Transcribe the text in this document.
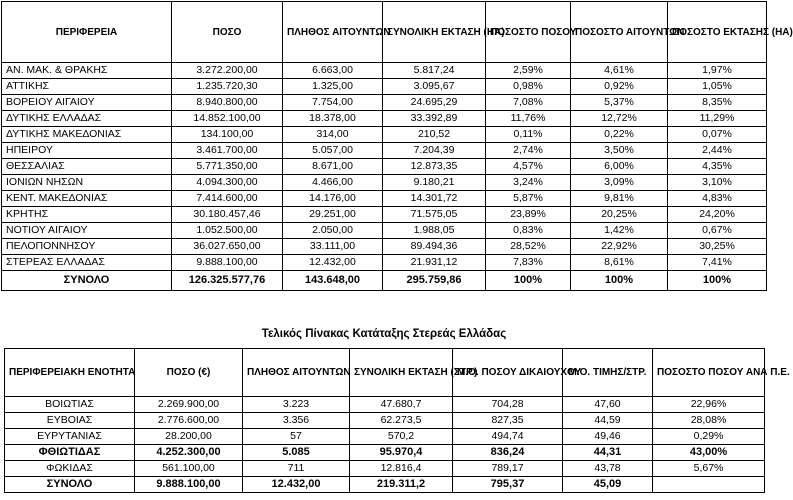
ΠΕΡΙΦΕΡΕΙΑ	ΠΟΣΟ	ΠΛΗΘΟΣ ΑΙΤΟΥΝΤΩΝ	ΣΥΝΟΛΙΚΗ ΕΚΤΑΣΗ (HA)	ΠΟΣΟΣΤΟ ΠΟΣΟΥ	ΠΟΣΟΣΤΟ ΑΙΤΟΥΝΤΩΝ	ΠΟΣΟΣΤΟ ΕΚΤΑΣΗΣ (HA)
ΑΝ. ΜΑΚ. & ΘΡΑΚΗΣ	3.272.200,00	6.663,00	5.817,24	2,59%	4,61%	1,97%
ΑΤΤΙΚΗΣ	1.235.720,30	1.325,00	3.095,67	0,98%	0,92%	1,05%
ΒΟΡΕΙΟΥ ΑΙΓΑΙΟΥ	8.940.800,00	7.754,00	24.695,29	7,08%	5,37%	8,35%
ΔΥΤΙΚΗΣ ΕΛΛΑΔΑΣ	14.852.100,00	18.378,00	33.392,89	11,76%	12,72%	11,29%
ΔΥΤΙΚΗΣ ΜΑΚΕΔΟΝΙΑΣ	134.100,00	314,00	210,52	0,11%	0,22%	0,07%
ΗΠΕΙΡΟΥ	3.461.700,00	5.057,00	7.204,39	2,74%	3,50%	2,44%
ΘΕΣΣΑΛΙΑΣ	5.771.350,00	8.671,00	12.873,35	4,57%	6,00%	4,35%
ΙΟΝΙΩΝ ΝΗΣΩΝ	4.094.300,00	4.466,00	9.180,21	3,24%	3,09%	3,10%
ΚΕΝΤ. ΜΑΚΕΔΟΝΙΑΣ	7.414.600,00	14.176,00	14.301,72	5,87%	9,81%	4,83%
ΚΡΗΤΗΣ	30.180.457,46	29.251,00	71.575,05	23,89%	20,25%	24,20%
ΝΟΤΙΟΥ ΑΙΓΑΙΟΥ	1.052.500,00	2.050,00	1.988,05	0,83%	1,42%	0,67%
ΠΕΛΟΠΟΝΝΗΣΟΥ	36.027.650,00	33.111,00	89.494,36	28,52%	22,92%	30,25%
ΣΤΕΡΕΑΣ ΕΛΛΑΔΑΣ	9.888.100,00	12.432,00	21.931,12	7,83%	8,61%	7,41%
ΣΥΝΟΛΟ	126.325.577,76	143.648,00	295.759,86	100%	100%	100%
Τελικός Πίνακας Κατάταξης Στερεάς Ελλάδας
ΠΕΡΙΦΕΡΕΙΑΚΗ ΕΝΟΤΗΤΑ	ΠΟΣΟ (€)	ΠΛΗΘΟΣ ΑΙΤΟΥΝΤΩΝ	ΣΥΝΟΛΙΚΗ ΕΚΤΑΣΗ (ΣΤΡ.)	Μ.Ο. ΠΟΣΟΥ ΔΙΚΑΙΟΥΧΟΥ	Μ.Ο. ΤΙΜΗΣ/ΣΤΡ.	ΠΟΣΟΣΤΟ ΠΟΣΟΥ ΑΝΑ Π.Ε.
ΒΟΙΩΤΙΑΣ	2.269.900,00	3.223	47.680,7	704,28	47,60	22,96%
ΕΥΒΟΙΑΣ	2.776.600,00	3.356	62.273,5	827,35	44,59	28,08%
ΕΥΡΥΤΑΝΙΑΣ	28.200,00	57	570,2	494,74	49,46	0,29%
ΦΘΙΩΤΙΔΑΣ	4.252.300,00	5.085	95.970,4	836,24	44,31	43,00%
ΦΩΚΙΔΑΣ	561.100,00	711	12.816,4	789,17	43,78	5,67%
ΣΥΝΟΛΟ	9.888.100,00	12.432,00	219.311,2	795,37	45,09	
